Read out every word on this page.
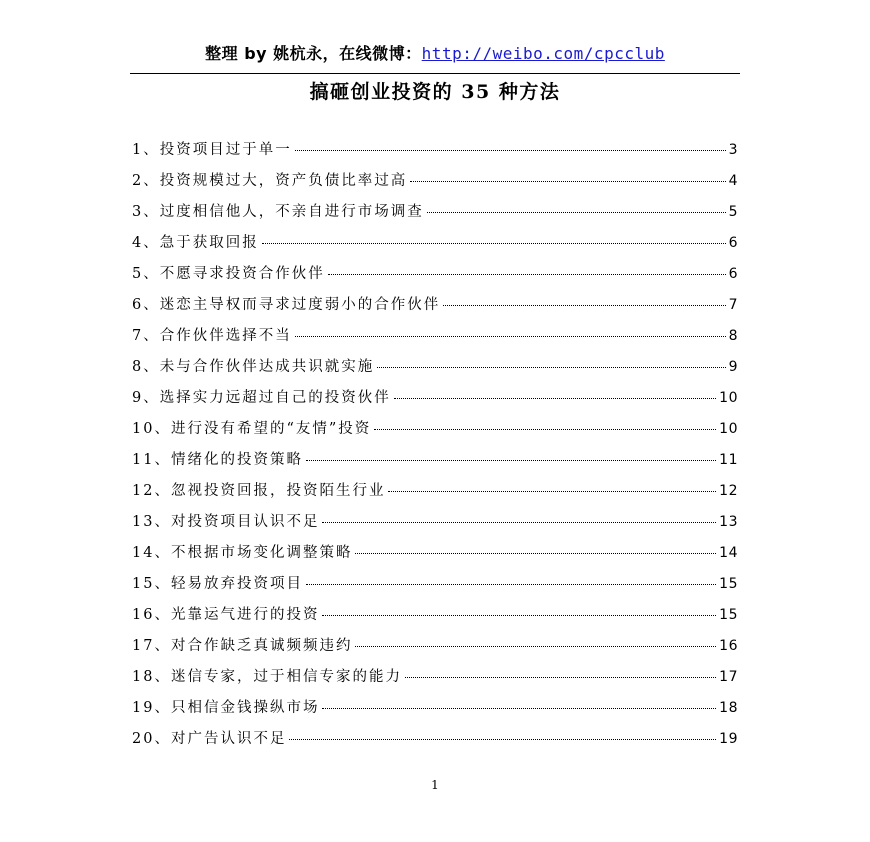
整理 by 姚杭永，在线微博：http://weibo.com/cpcclub
搞砸创业投资的 35 种方法
1、投资项目过于单一	3
2、投资规模过大，资产负债比率过高	4
3、过度相信他人，不亲自进行市场调查	5
4、急于获取回报	6
5、不愿寻求投资合作伙伴	6
6、迷恋主导权而寻求过度弱小的合作伙伴	7
7、合作伙伴选择不当	8
8、未与合作伙伴达成共识就实施	9
9、选择实力远超过自己的投资伙伴	10
10、进行没有希望的“友情”投资	10
11、情绪化的投资策略	11
12、忽视投资回报，投资陌生行业	12
13、对投资项目认识不足	13
14、不根据市场变化调整策略	14
15、轻易放弃投资项目	15
16、光靠运气进行的投资	15
17、对合作缺乏真诚频频违约	16
18、迷信专家，过于相信专家的能力	17
19、只相信金钱操纵市场	18
20、对广告认识不足	19
1
